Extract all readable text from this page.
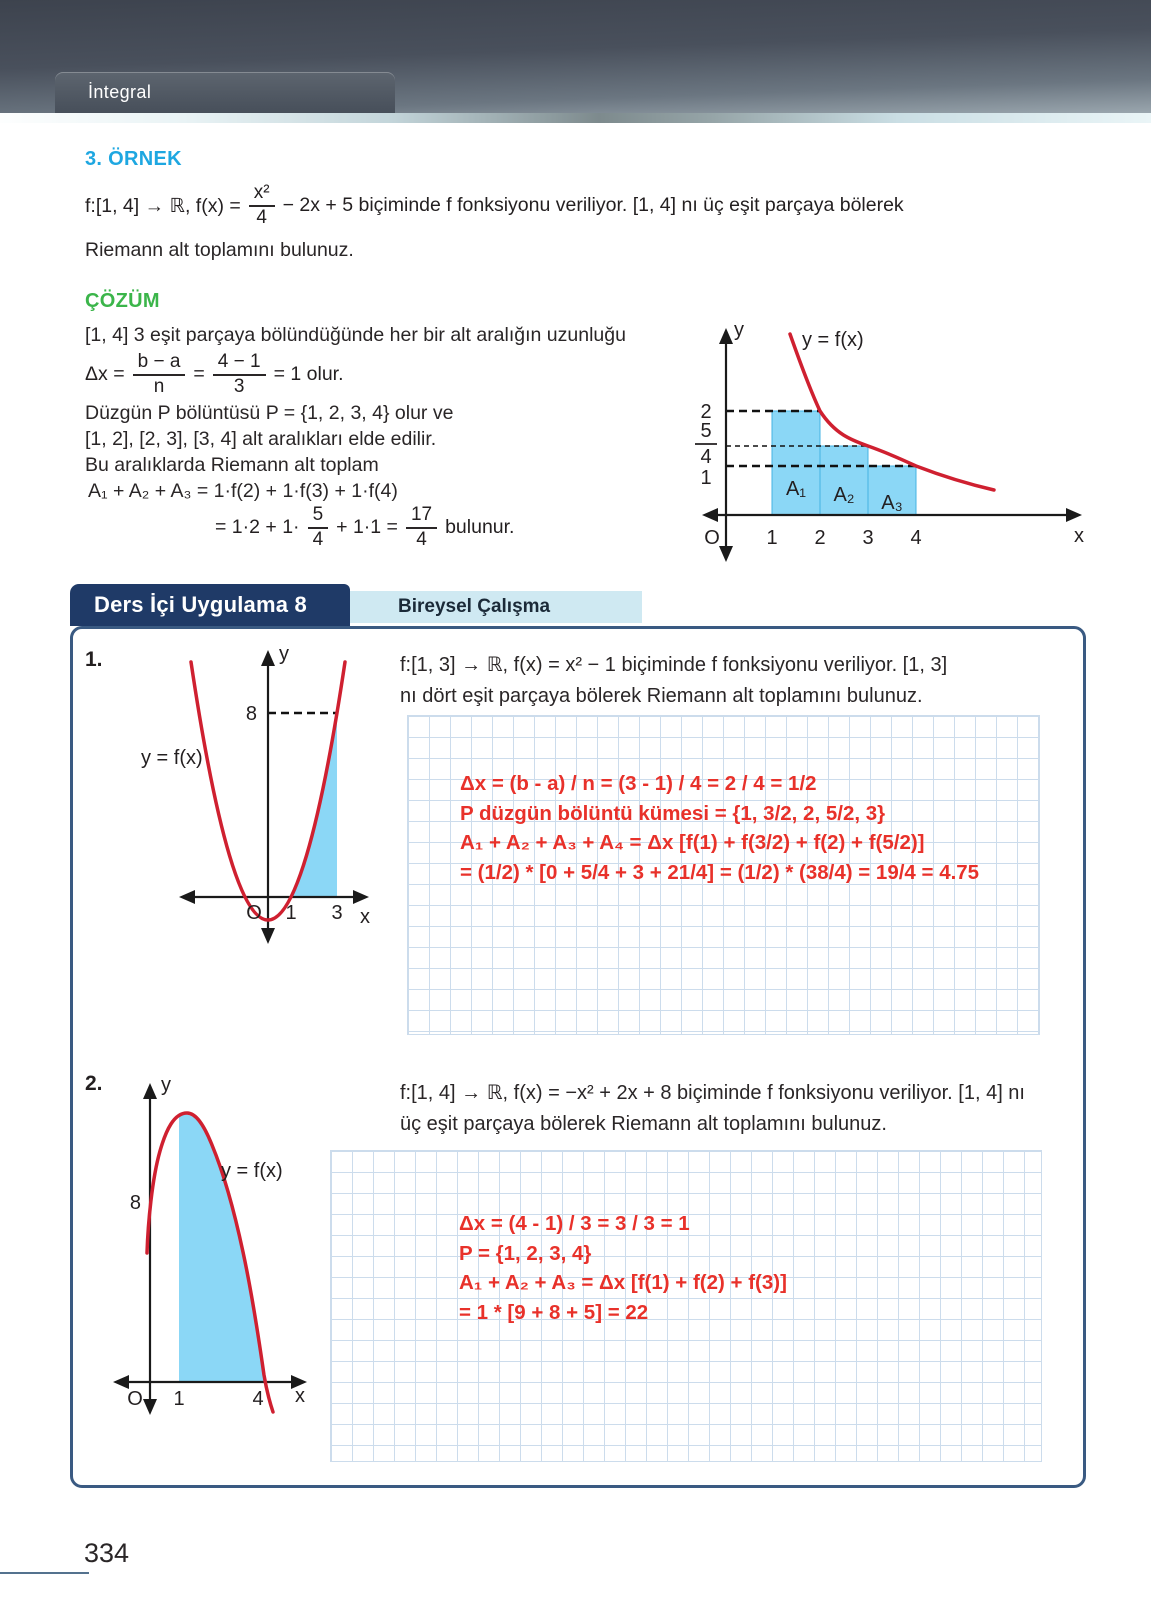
İntegral
3. ÖRNEK
f:[1, 4] → ℝ, $f(x) = \frac{\text{x²}}{4} - 2x + 5$ biçiminde f fonksiyonu veriliyor. [1, 4] nı üç eşit parçaya bölerek
Riemann alt toplamını bulunuz.
ÇÖZÜM
[1, 4] 3 eşit parçaya bölündüğünde her bir alt aralığın uzunluğu
$\Delta x = \frac{b - a}{n} = \frac{4 - 1}{3} = 1$ olur.
Düzgün P bölüntüsü P = {1, 2, 3, 4} olur ve
[1, 2], [2, 3], [3, 4] alt aralıkları elde edilir.
Bu aralıklarda Riemann alt toplam
A₁ + A₂ + A₃ = 1·f(2) + 1·f(3) + 1·f(4)
= $1\cdot 2 + 1\cdot \frac{5}{4} + 1\cdot 1 = \frac{17}{4}$ bulunur.
y	y = f(x)
2
5
4
1
1 2 3 4
O	x
A₁ A₂ A₃
Ders İçi Uygulama 8	Bireysel Çalışma
1.	y
8
y = f(x)
O 1 3 x
f:[1, 3] → ℝ, f(x) = x² − 1 biçiminde f fonksiyonu veriliyor. [1, 3]
nı dört eşit parçaya bölerek Riemann alt toplamını bulunuz.
Δx = (b - a) / n = (3 - 1) / 4 = 2 / 4 = 1/2
P düzgün bölüntü kümesi = {1, 3/2, 2, 5/2, 3}
A₁ + A₂ + A₃ + A₄ = Δx [f(1) + f(3/2) + f(2) + f(5/2)]
= (1/2) * [0 + 5/4 + 3 + 21/4] = (1/2) * (38/4) = 19/4 = 4.75
2.	y
8
y = f(x)
O 1	4 x
f:[1, 4] → ℝ, f(x) = −x² + 2x + 8 biçiminde f fonksiyonu veriliyor. [1, 4] nı
üç eşit parçaya bölerek Riemann alt toplamını bulunuz.
Δx = (4 - 1) / 3 = 3 / 3 = 1
P = {1, 2, 3, 4}
A₁ + A₂ + A₃ = Δx [f(1) + f(2) + f(3)]
= 1 * [9 + 8 + 5] = 22
334
